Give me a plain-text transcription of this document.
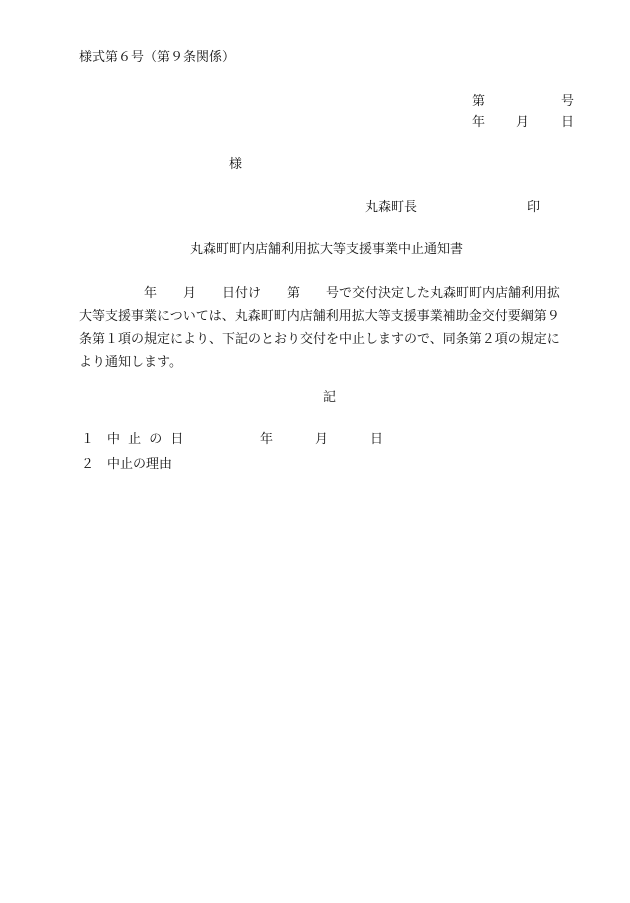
様式第６号（第９条関係）
第	号
年 月 日
様
丸森町長	印
丸森町町内店舗利用拡大等支援事業中止通知書
　　　　　年　　月　　日付け　　第　　号で交付決定した丸森町町内店舗利用拡
大等支援事業については、丸森町町内店舗利用拡大等支援事業補助金交付要綱第９
条第１項の規定により、下記のとおり交付を中止しますので、同条第２項の規定に
より通知します。
記
１ 中 止 の 日	年	月	日
２ 中止の理由
